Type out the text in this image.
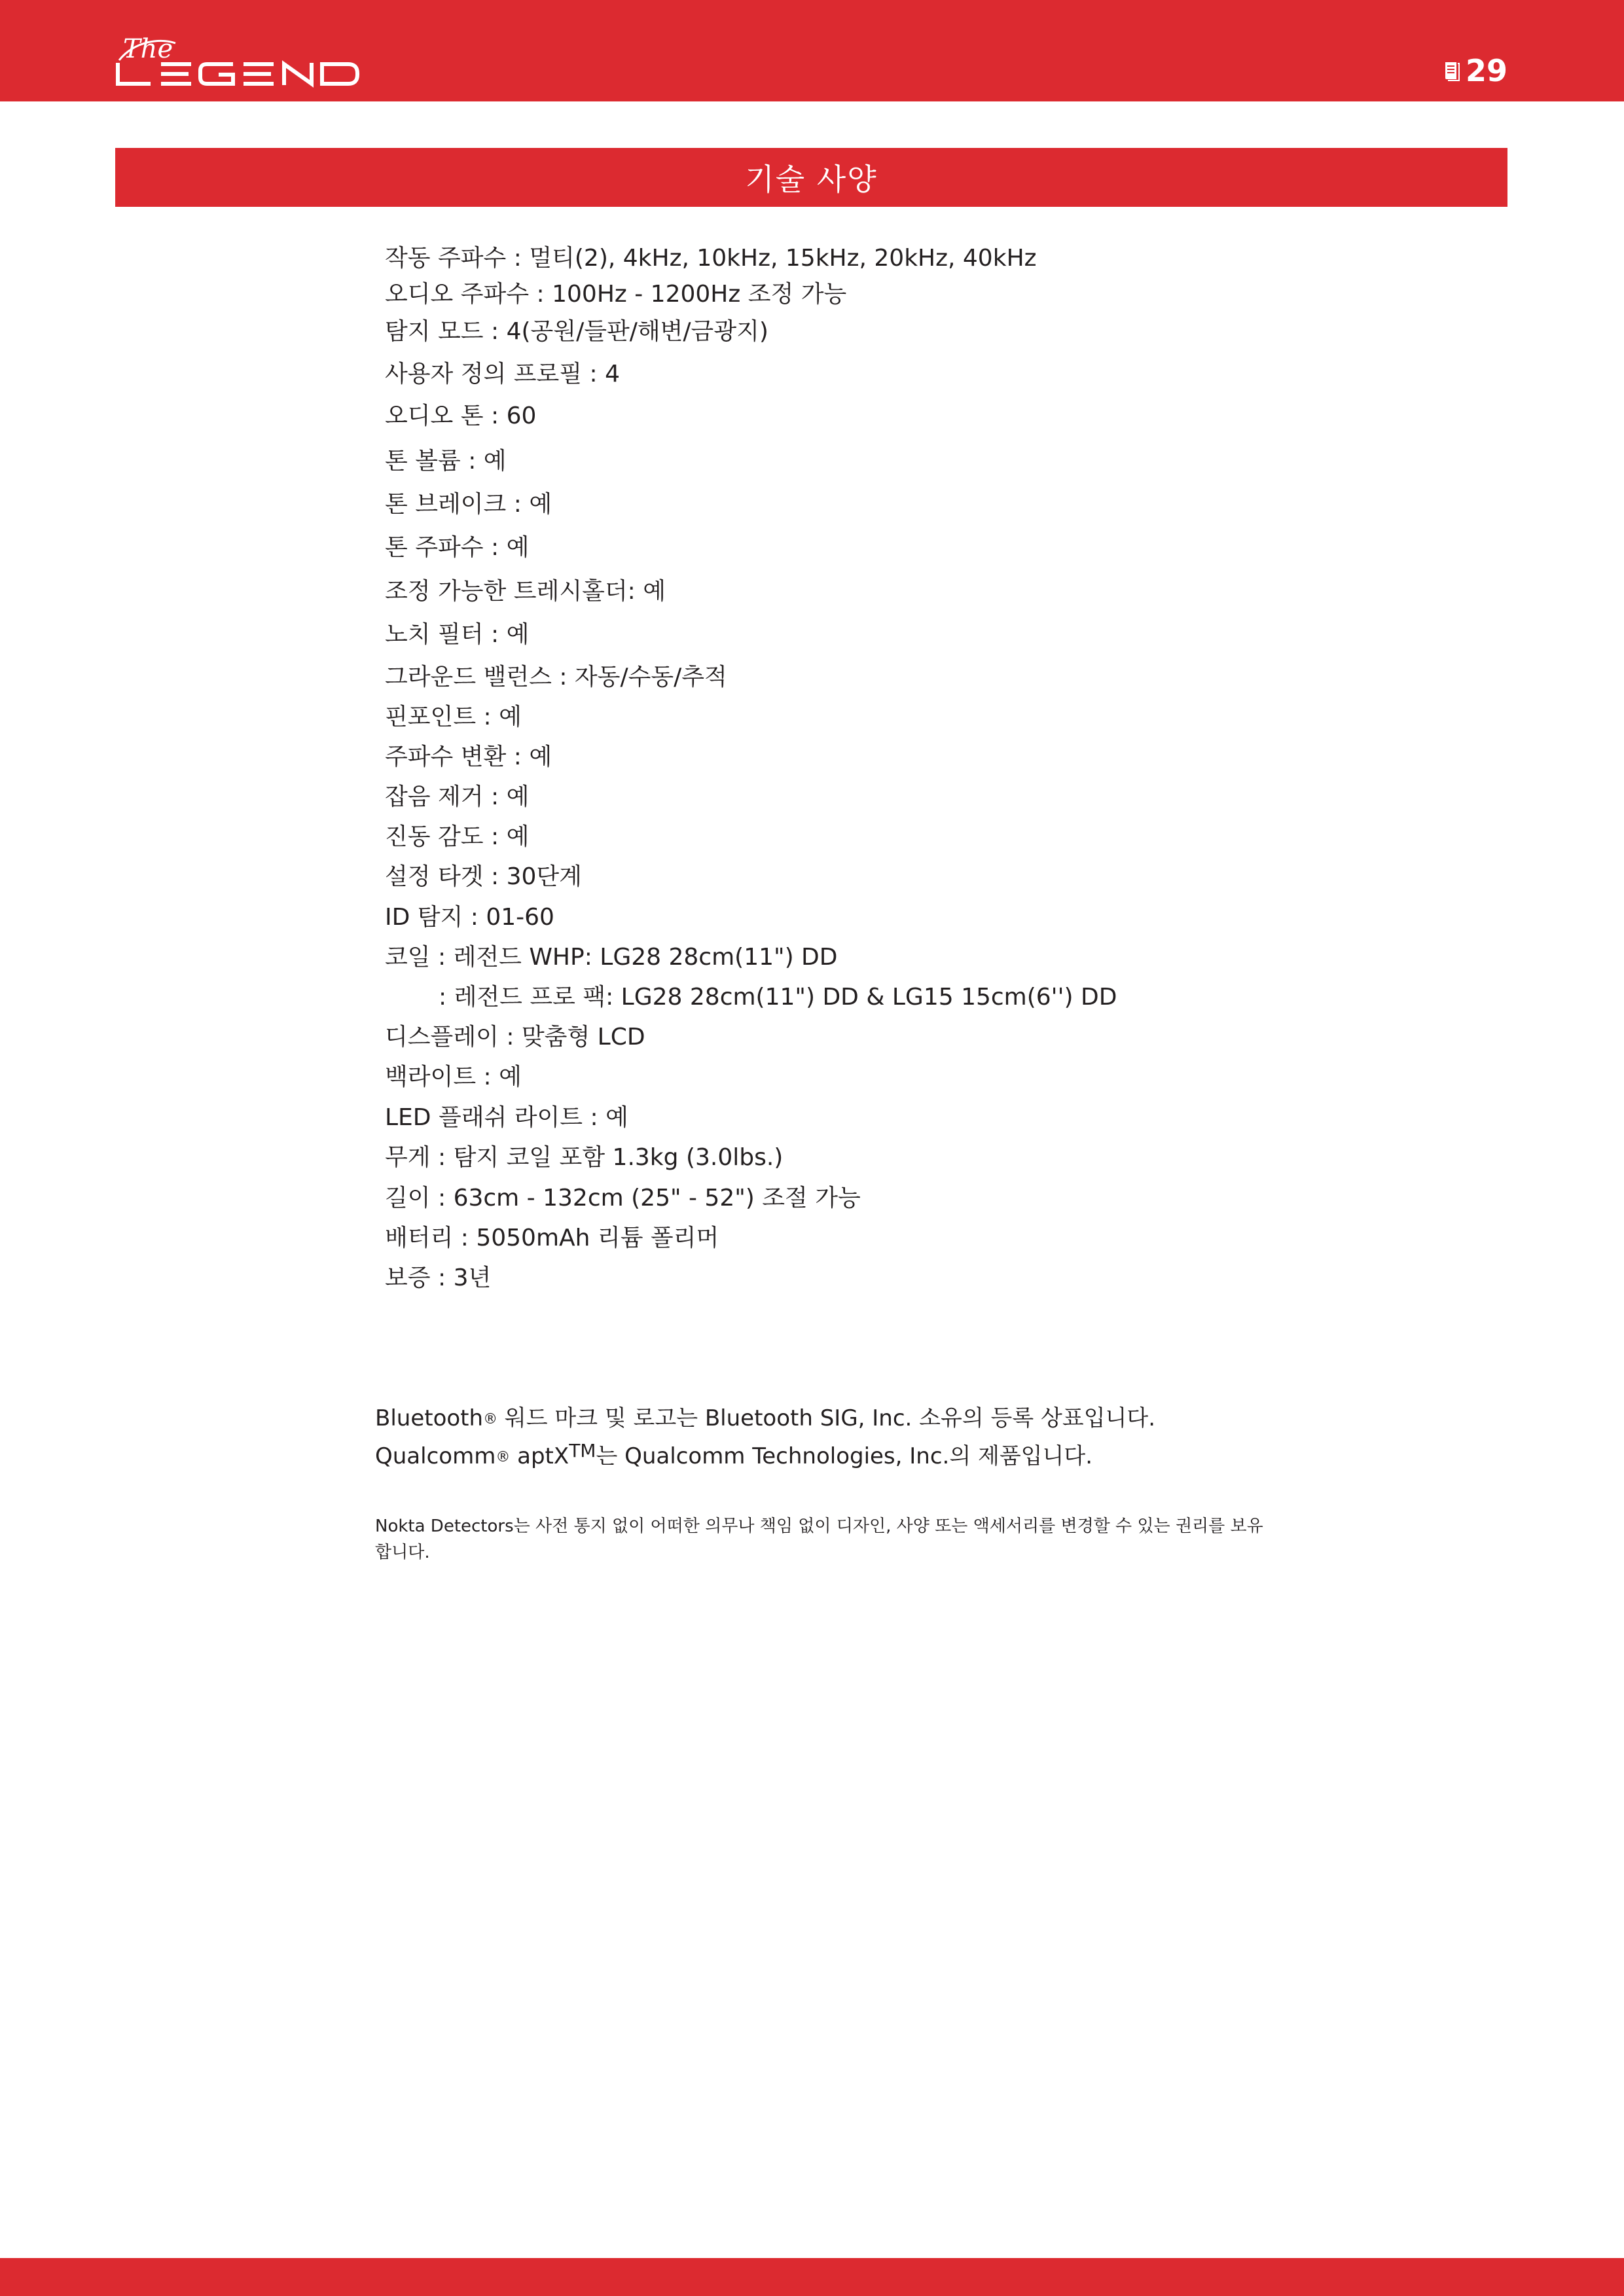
The
29
기술 사양
작동 주파수 : 멀티(2), 4kHz, 10kHz, 15kHz, 20kHz, 40kHz
오디오 주파수 : 100Hz - 1200Hz 조정 가능
탐지 모드 : 4(공원/들판/해변/금광지)
사용자 정의 프로필 : 4
오디오 톤 : 60
톤 볼륨 : 예
톤 브레이크 : 예
톤 주파수 : 예
조정 가능한 트레시홀더: 예
노치 필터 : 예
그라운드 밸런스 : 자동/수동/추적
핀포인트 : 예
주파수 변환 : 예
잡음 제거 : 예
진동 감도 : 예
설정 타겟 : 30단계
ID 탐지 : 01-60
코일 : 레전드 WHP: LG28 28cm(11") DD
: 레전드 프로 팩: LG28 28cm(11") DD & LG15 15cm(6'') DD
디스플레이 : 맞춤형 LCD
백라이트 : 예
LED 플래쉬 라이트 : 예
무게 : 탐지 코일 포함 1.3kg (3.0lbs.)
길이 : 63cm - 132cm (25" - 52") 조절 가능
배터리 : 5050mAh 리튬 폴리머
보증 : 3년
Bluetooth® 워드 마크 및 로고는 Bluetooth SIG, Inc. 소유의 등록 상표입니다.
Qualcomm® aptX™는 Qualcomm Technologies, Inc.의 제품입니다.
Nokta Detectors는 사전 통지 없이 어떠한 의무나 책임 없이 디자인, 사양 또는 액세서리를 변경할 수 있는 권리를 보유합니다.
